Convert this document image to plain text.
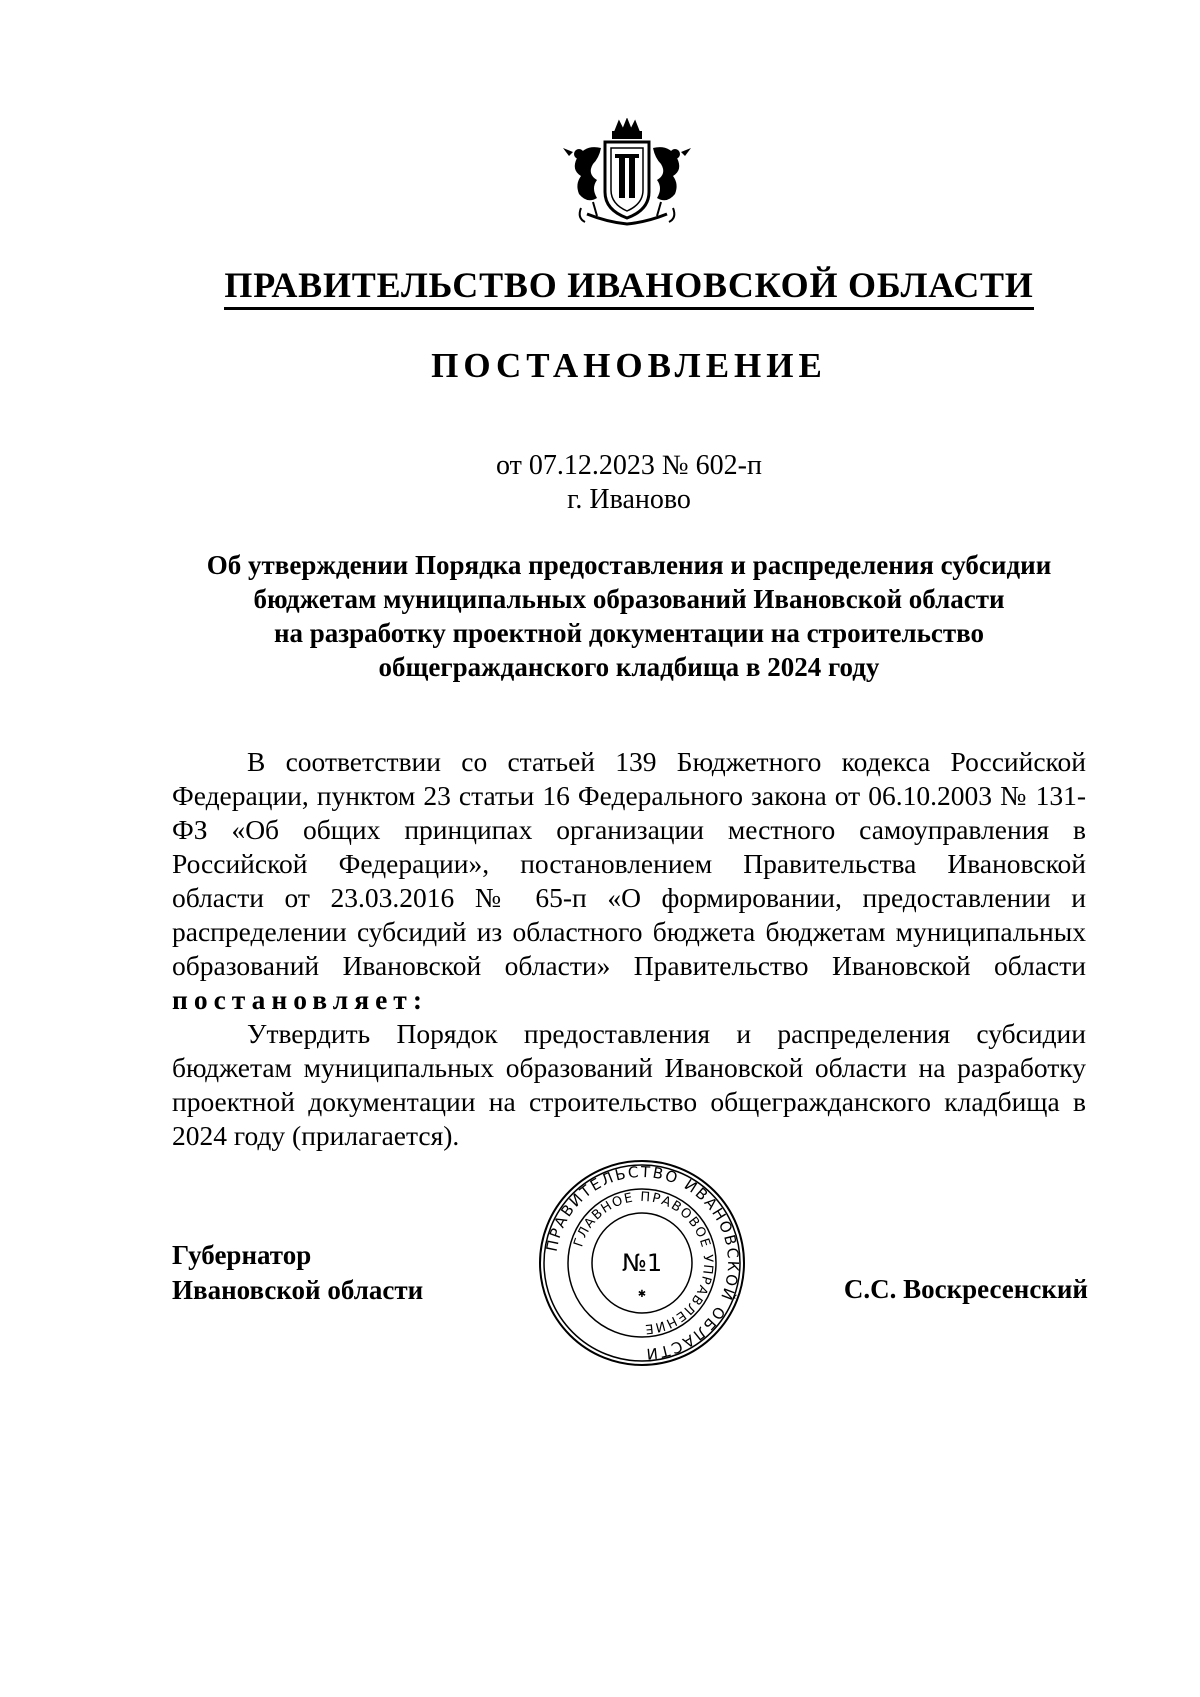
ПРАВИТЕЛЬСТВО ИВАНОВСКОЙ ОБЛАСТИ
ПОСТАНОВЛЕНИЕ
от 07.12.2023 № 602-п
г. Иваново
Об утверждении Порядка предоставления и распределения субсидии
бюджетам муниципальных образований Ивановской области
на разработку проектной документации на строительство
общегражданского кладбища в 2024 году

В соответствии со статьей 139 Бюджетного кодекса Российской Федерации, пунктом 23 статьи 16 Федерального закона от 06.10.2003 № 131-ФЗ «Об общих принципах организации местного самоуправления в Российской Федерации», постановлением Правительства Ивановской области от 23.03.2016 № 65-п «О формировании, предоставлении и распределении субсидий из областного бюджета бюджетам муниципальных образований Ивановской области» Правительство Ивановской области постановляет:

Утвердить Порядок предоставления и распределения субсидии бюджетам муниципальных образований Ивановской области на разработку проектной документации на строительство общегражданского кладбища в 2024 году (прилагается).

Губернатор
Ивановской области
ПРАВИТЕЛЬСТВО ИВАНОВСКОЙ ОБЛАСТИ
ГЛАВНОЕ ПРАВОВОЕ УПРАВЛЕНИЕ
№1
✱	С.С. Воскресенский
